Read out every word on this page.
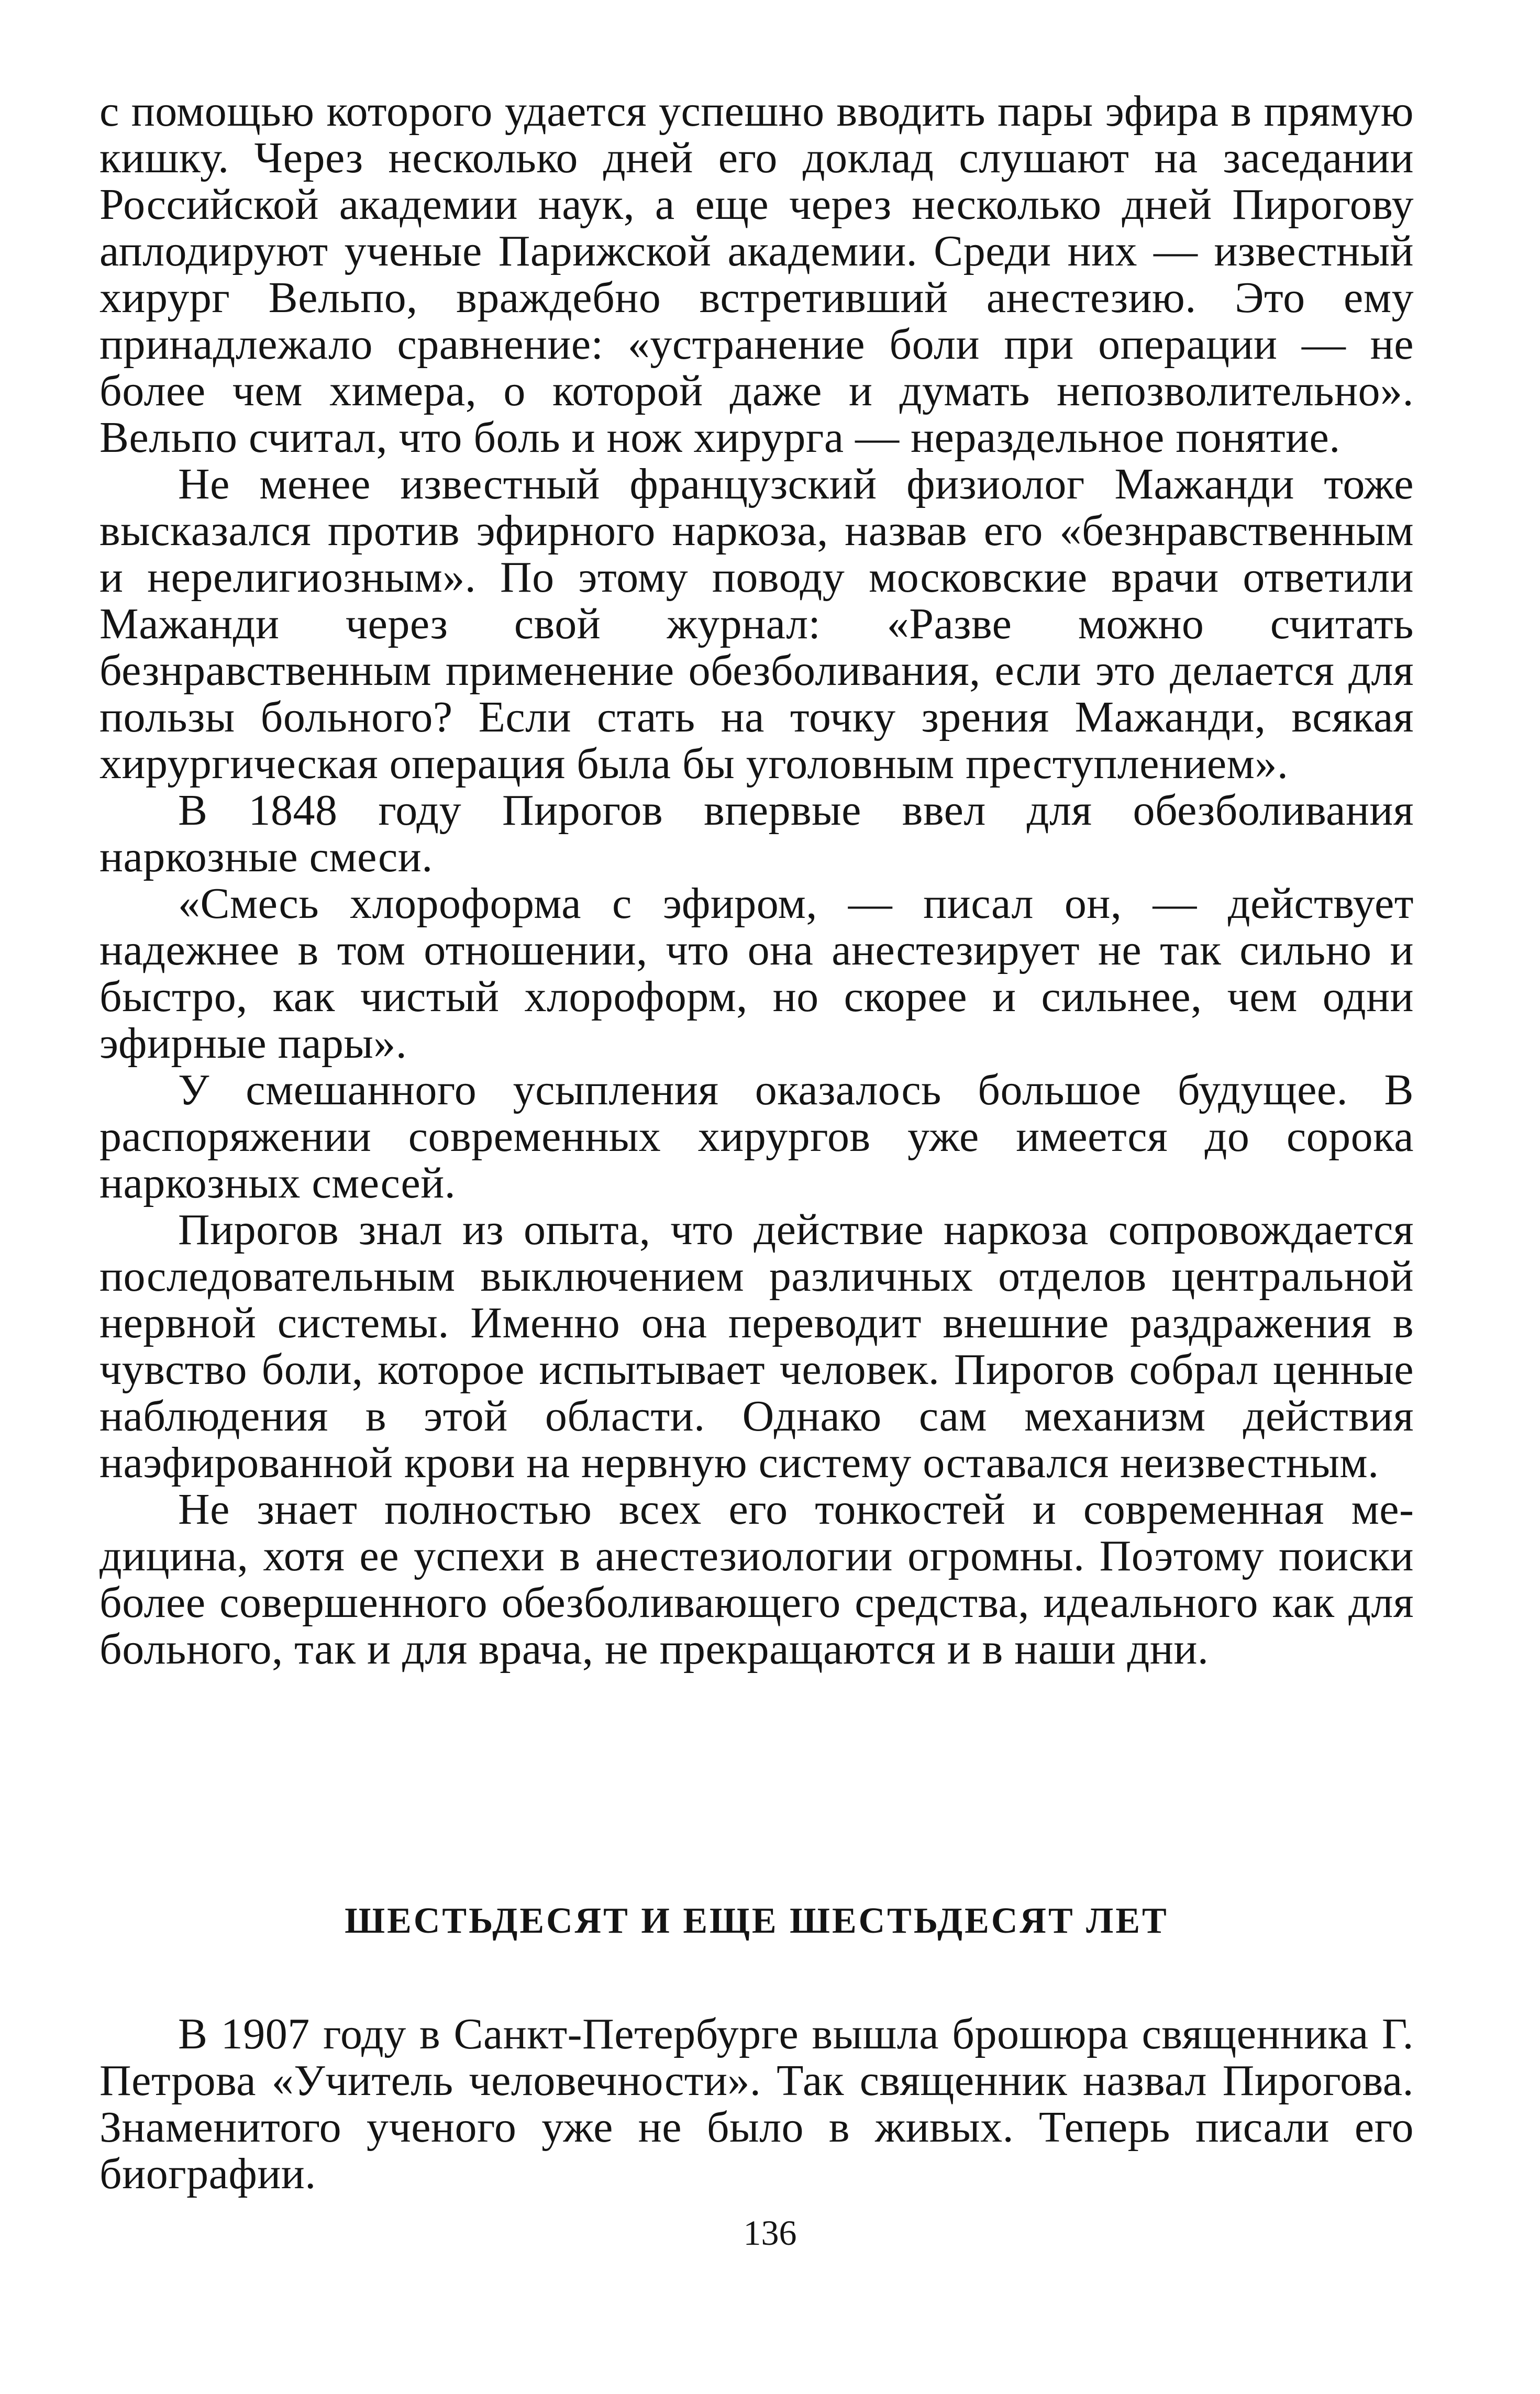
с помощью которого удается успешно вводить пары эфира в прямую кишку. Через несколько дней его доклад слушают на заседании Российской академии наук, а еще через несколько дней Пирогову аплодируют ученые Парижской академии. Среди них — известный хирург Вельпо, враждебно встретивший анестезию. Это ему принадлежало сравнение: «устранение боли при операции — не более чем химера, о которой даже и думать непозволительно». Вельпо считал, что боль и нож хирурга — нераздельное понятие.

Не менее известный французский физиолог Мажанди тоже высказался против эфирного наркоза, назвав его «безнравственным и нерелигиозным». По этому поводу московские врачи ответили Мажанди через свой журнал: «Разве можно считать безнравственным применение обезболивания, если это делается для пользы больного? Если стать на точку зрения Мажанди, всякая хирургическая операция была бы уголовным преступлением».

В 1848 году Пирогов впервые ввел для обезболивания наркозные смеси.

«Смесь хлороформа с эфиром, — писал он, — действует надежнее в том отношении, что она анестезирует не так сильно и быстро, как чистый хлороформ, но скорее и сильнее, чем одни эфирные пары».

У смешанного усыпления оказалось большое будущее. В распоряжении современных хирургов уже имеется до сорока наркозных смесей.

Пирогов знал из опыта, что действие наркоза сопровождается последовательным выключением различных отделов центральной нервной системы. Именно она переводит внешние раздражения в чувство боли, которое испытывает человек. Пирогов собрал ценные наблюдения в этой области. Однако сам механизм действия наэфированной крови на нервную систему оставался неизвестным.

Не знает полностью всех его тонкостей и современная медицина, хотя ее успехи в анестезиологии огромны. Поэтому поиски более совершенного обезболивающего средства, идеального как для больного, так и для врача, не прекращаются и в наши дни.

ШЕСТЬДЕСЯТ И ЕЩЕ ШЕСТЬДЕСЯТ ЛЕТ

В 1907 году в Санкт-Петербурге вышла брошюра священника Г. Петрова «Учитель человечности». Так священник назвал Пирогова. Знаменитого ученого уже не было в живых. Теперь писали его биографии.

136
